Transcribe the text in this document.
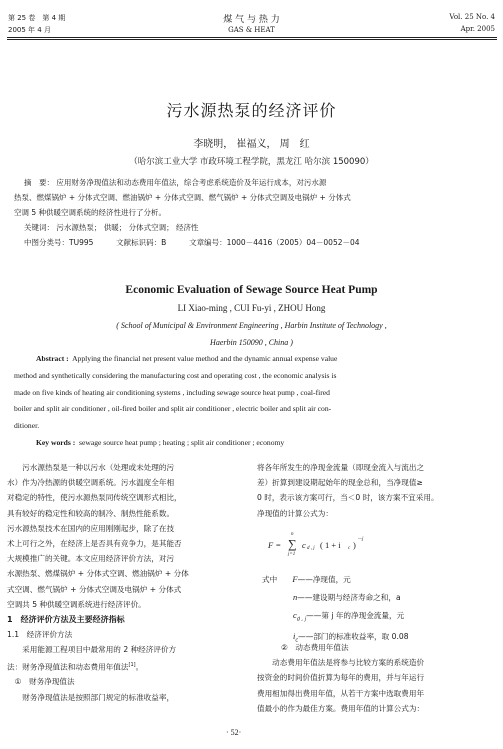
第 25 卷　第 4 期
2005 年 4 月
煤 气 与 热 力
GAS & HEAT
Vol. 25 No. 4
Apr. 2005
污水源热泵的经济评价
李晓明， 崔福义， 周　红
（哈尔滨工业大学 市政环境工程学院，黑龙江 哈尔滨 150090）
摘　要： 应用财务净现值法和动态费用年值法，综合考虑系统造价及年运行成本，对污水源
热泵、燃煤锅炉 + 分体式空调、燃油锅炉 + 分体式空调、燃气锅炉 + 分体式空调及电锅炉 + 分体式
空调 5 种供暖空调系统的经济性进行了分析。
关键词： 污水源热泵； 供暖； 分体式空调； 经济性
中图分类号：TU995	文献标识码：B	文章编号：1000－4416（2005）04－0052－04
Economic Evaluation of Sewage Source Heat Pump
LI Xiao-ming , CUI Fu-yi , ZHOU Hong
( School of Municipal & Environment Engineering , Harbin Institute of Technology ,
Haerbin 150090 , China )
Abstract : Applying the financial net present value method and the dynamic annual expense value
method and synthetically considering the manufacturing cost and operating cost , the economic analysis is
made on five kinds of heating air conditioning systems , including sewage source heat pump , coal-fired
boiler and split air conditioner , oil-fired boiler and split air conditioner , electric boiler and split air con-
ditioner.
Key words : sewage source heat pump ; heating ; split air conditioner ; economy
　　污水源热泵是一种以污水（处理或未处理的污
水）作为冷热源的供暖空调系统。污水温度全年相
对稳定的特性，使污水源热泵同传统空调形式相比，
具有较好的稳定性和较高的制冷、制热性能系数。
污水源热泵技术在国内的应用刚刚起步，除了在技
术上可行之外，在经济上是否具有竞争力，是其能否
大规模推广的关键。本文应用经济评价方法，对污
水源热泵、燃煤锅炉 + 分体式空调、燃油锅炉 + 分体
式空调、燃气锅炉 + 分体式空调及电锅炉 + 分体式
空调共 5 种供暖空调系统进行经济评价。
1　经济评价方法及主要经济指标
1.1　经济评价方法
　　采用能源工程项目中最常用的 2 种经济评价方
法：财务净现值法和动态费用年值法[1]。
　①　财务净现值法
　　财务净现值法是按照部门规定的标准收益率，
将各年所发生的净现金流量（即现金流入与流出之
差）折算到建设期起始年的现金总和，当净现值≥
0 时，表示该方案可行，当＜0 时，该方案不宜采用。
净现值的计算公式为：
F =
n
∑
j=1
c d , j ( 1 + i c )
－j
式中 F——净现值，元
n——建设期与经济寿命之和，a
$c_{d , j}——$第 j 年的净现金流量，元
$i_c——$部门的标准收益率，取 0.08
②　动态费用年值法
　　动态费用年值法是将参与比较方案的系统造价
按资金的时间价值折算为每年的费用，并与年运行
费用相加得出费用年值，从若干方案中选取费用年
值最小的作为最佳方案。费用年值的计算公式为：
· 52·
